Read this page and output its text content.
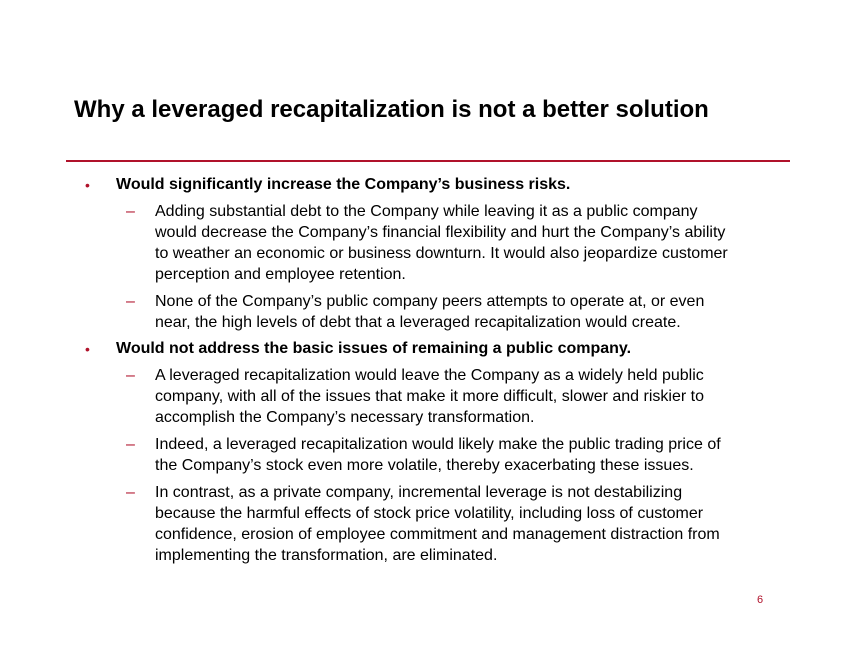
Why a leveraged recapitalization is not a better solution
• Would significantly increase the Company’s business risks.
– Adding substantial debt to the Company while leaving it as a public company
would decrease the Company’s financial flexibility and hurt the Company’s ability
to weather an economic or business downturn. It would also jeopardize customer
perception and employee retention.
– None of the Company’s public company peers attempts to operate at, or even
near, the high levels of debt that a leveraged recapitalization would create.
• Would not address the basic issues of remaining a public company.
– A leveraged recapitalization would leave the Company as a widely held public
company, with all of the issues that make it more difficult, slower and riskier to
accomplish the Company’s necessary transformation.
– Indeed, a leveraged recapitalization would likely make the public trading price of
the Company’s stock even more volatile, thereby exacerbating these issues.
– In contrast, as a private company, incremental leverage is not destabilizing
because the harmful effects of stock price volatility, including loss of customer
confidence, erosion of employee commitment and management distraction from
implementing the transformation, are eliminated.
6
